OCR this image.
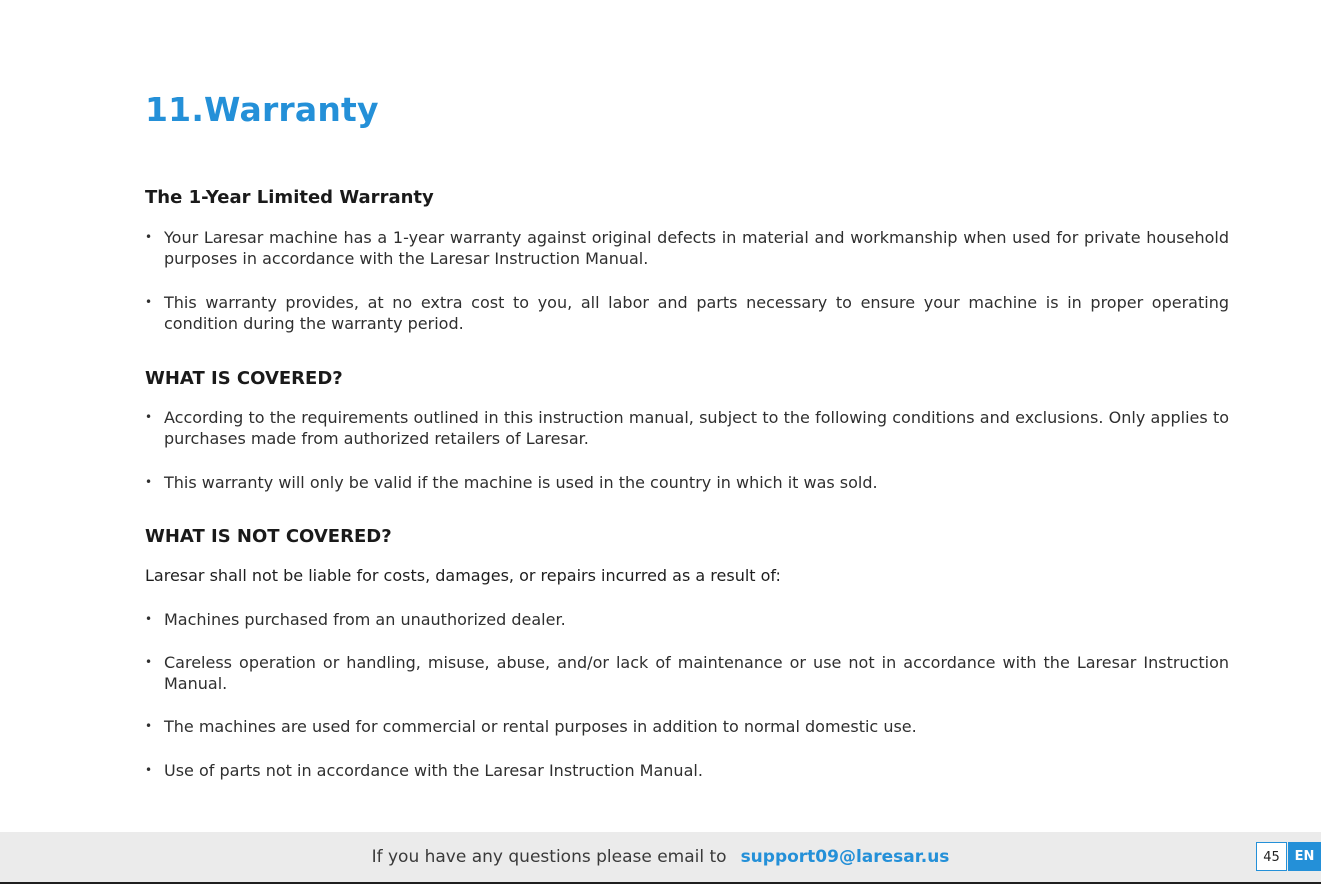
11.Warranty
The 1-Year Limited Warranty
• Your Laresar machine has a 1-year warranty against original defects in material and workmanship when used for private household purposes in accordance with the Laresar Instruction Manual.
• This warranty provides, at no extra cost to you, all labor and parts necessary to ensure your machine is in proper operating condition during the warranty period.
WHAT IS COVERED?
• According to the requirements outlined in this instruction manual, subject to the following conditions and exclusions. Only applies to purchases made from authorized retailers of Laresar.
• This warranty will only be valid if the machine is used in the country in which it was sold.
WHAT IS NOT COVERED?

Laresar shall not be liable for costs, damages, or repairs incurred as a result of:

• Machines purchased from an unauthorized dealer.
• Careless operation or handling, misuse, abuse, and/or lack of maintenance or use not in accordance with the Laresar Instruction Manual.
• The machines are used for commercial or rental purposes in addition to normal domestic use.
• Use of parts not in accordance with the Laresar Instruction Manual.
If you have any questions please email to support09@laresar.us	45	EN
